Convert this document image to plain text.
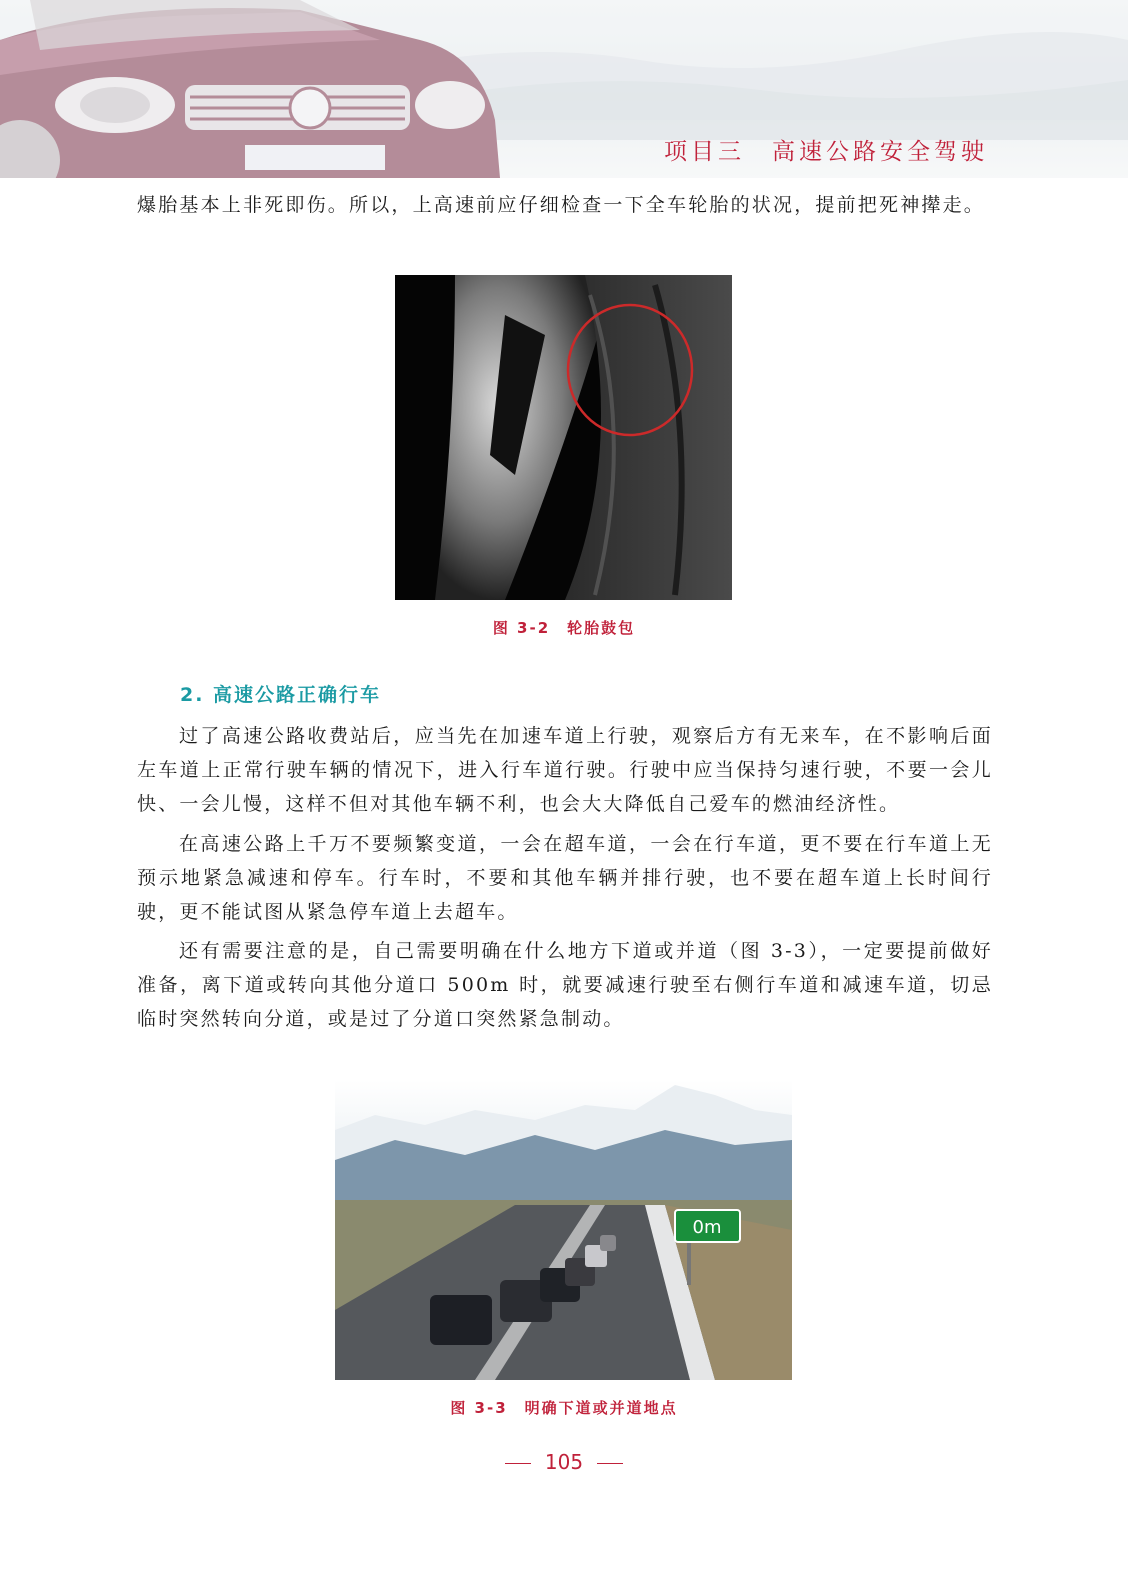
项目三　高速公路安全驾驶
爆胎基本上非死即伤。所以，上高速前应仔细检查一下全车轮胎的状况，提前把死神撵走。
图 3-2　轮胎鼓包
2. 高速公路正确行车
过了高速公路收费站后，应当先在加速车道上行驶，观察后方有无来车，在不影响后面左车道上正常行驶车辆的情况下，进入行车道行驶。行驶中应当保持匀速行驶，不要一会儿快、一会儿慢，这样不但对其他车辆不利，也会大大降低自己爱车的燃油经济性。
在高速公路上千万不要频繁变道，一会在超车道，一会在行车道，更不要在行车道上无预示地紧急减速和停车。行车时，不要和其他车辆并排行驶，也不要在超车道上长时间行驶，更不能试图从紧急停车道上去超车。
还有需要注意的是，自己需要明确在什么地方下道或并道（图 3-3），一定要提前做好准备，离下道或转向其他分道口 500m 时，就要减速行驶至右侧行车道和减速车道，切忌临时突然转向分道，或是过了分道口突然紧急制动。
0m
图 3-3　明确下道或并道地点
105
